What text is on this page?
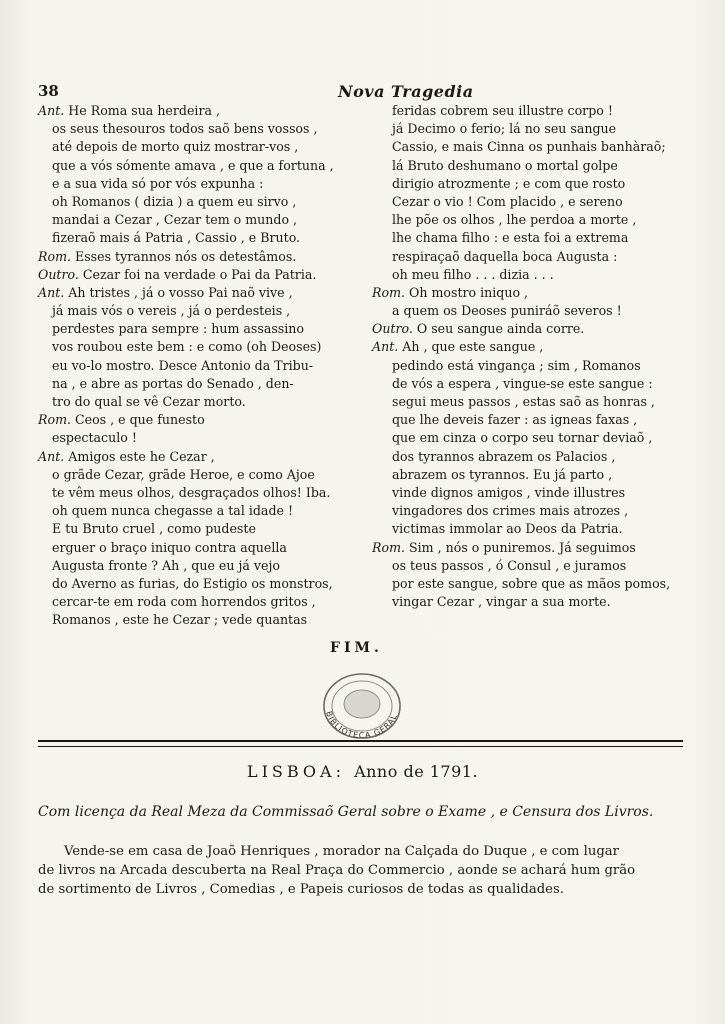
38	Nova Tragedia
Ant. He Roma sua herdeira ,
os seus thesouros todos saõ bens vossos ,
até depois de morto quiz mostrar-vos ,
que a vós sómente amava , e que a fortuna ,
e a sua vida só por vós expunha :
oh Romanos ( dizia ) a quem eu sirvo ,
mandai a Cezar , Cezar tem o mundo ,
fizeraõ mais á Patria , Cassio , e Bruto.
Rom. Esses tyrannos nós os detestâmos.
Outro. Cezar foi na verdade o Pai da Patria.
Ant. Ah tristes , já o vosso Pai naõ vive ,
já mais vós o vereis , já o perdesteis ,
perdestes para sempre : hum assassino
vos roubou este bem : e como (oh Deoses)
eu vo-lo mostro. Desce Antonio da Tribu-
na , e abre as portas do Senado , den-
tro do qual se vê Cezar morto.
Rom. Ceos , e que funesto
espectaculo !
Ant. Amigos este he Cezar ,
o grãde Cezar, grãde Heroe, e como Ajoe
te vêm meus olhos, desgraçados olhos! Iba.
oh quem nunca chegasse a tal idade !
E tu Bruto cruel , como pudeste
erguer o braço iniquo contra aquella
Augusta fronte ? Ah , que eu já vejo
do Averno as furias, do Estigio os monstros,
cercar-te em roda com horrendos gritos ,
Romanos , este he Cezar ; vede quantas
feridas cobrem seu illustre corpo !
já Decimo o ferio; lá no seu sangue
Cassio, e mais Cinna os punhais banhàraõ;
lá Bruto deshumano o mortal golpe
dirigio atrozmente ; e com que rosto
Cezar o vio ! Com placido , e sereno
lhe põe os olhos , lhe perdoa a morte ,
lhe chama filho : e esta foi a extrema
respiraçaõ daquella boca Augusta :
oh meu filho . . . dizia . . .
Rom. Oh mostro iniquo ,
a quem os Deoses puniráõ severos !
Outro. O seu sangue ainda corre.
Ant. Ah , que este sangue ,
pedindo está vingança ; sim , Romanos
de vós a espera , vingue-se este sangue :
segui meus passos , estas saõ as honras ,
que lhe deveis fazer : as igneas faxas ,
que em cinza o corpo seu tornar deviaõ ,
dos tyrannos abrazem os Palacios ,
abrazem os tyrannos. Eu já parto ,
vinde dignos amigos , vinde illustres
vingadores dos crimes mais atrozes ,
victimas immolar ao Deos da Patria.
Rom. Sim , nós o puniremos. Já seguimos
os teus passos , ó Consul , e juramos
por este sangue, sobre que as mãos pomos,
vingar Cezar , vingar a sua morte.
FIM.
BIBLIOTECA GERAL
LISBOA: Anno de 1791.
Com licença da Real Meza da Commissaõ Geral sobre o Exame , e Censura dos Livros.
Vende-se em casa de Joaõ Henriques , morador na Calçada do Duque , e com lugar
de livros na Arcada descuberta na Real Praça do Commercio , aonde se achará hum grão
de sortimento de Livros , Comedias , e Papeis curiosos de todas as qualidades.
